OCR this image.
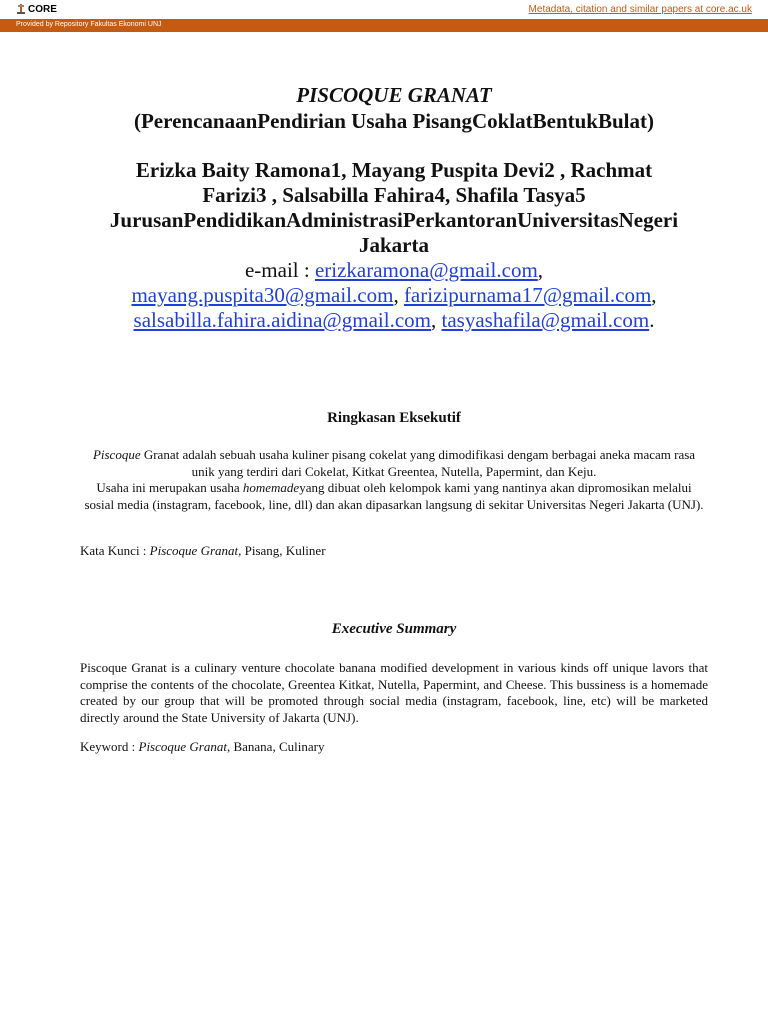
CORE	Metadata, citation and similar papers at core.ac.uk
Provided by Repository Fakultas Ekonomi UNJ
PISCOQUE GRANAT
(PerencanaanPendirian Usaha PisangCoklatBentukBulat)
Erizka Baity Ramona1, Mayang Puspita Devi2 , Rachmat
Farizi3 , Salsabilla Fahira4, Shafila Tasya5
JurusanPendidikanAdministrasiPerkantoranUniversitasNegeri
Jakarta
e-mail : erizkaramona@gmail.com,
mayang.puspita30@gmail.com, farizipurnama17@gmail.com,
salsabilla.fahira.aidina@gmail.com, tasyashafila@gmail.com.
Ringkasan Eksekutif
Piscoque Granat adalah sebuah usaha kuliner pisang cokelat yang dimodifikasi dengam berbagai aneka macam rasa unik yang terdiri dari Cokelat, Kitkat Greentea, Nutella, Papermint, dan Keju.
Usaha ini merupakan usaha homemadeyang dibuat oleh kelompok kami yang nantinya akan dipromosikan melalui sosial media (instagram, facebook, line, dll) dan akan dipasarkan langsung di sekitar Universitas Negeri Jakarta (UNJ).
Kata Kunci : Piscoque Granat, Pisang, Kuliner
Executive Summary
Piscoque Granat is a culinary venture chocolate banana modified development in various kinds off unique lavors that comprise the contents of the chocolate, Greentea Kitkat, Nutella, Papermint, and Cheese. This bussiness is a homemade created by our group that will be promoted through social media (instagram, facebook, line, etc) will be marketed directly around the State University of Jakarta (UNJ).
Keyword : Piscoque Granat, Banana, Culinary
